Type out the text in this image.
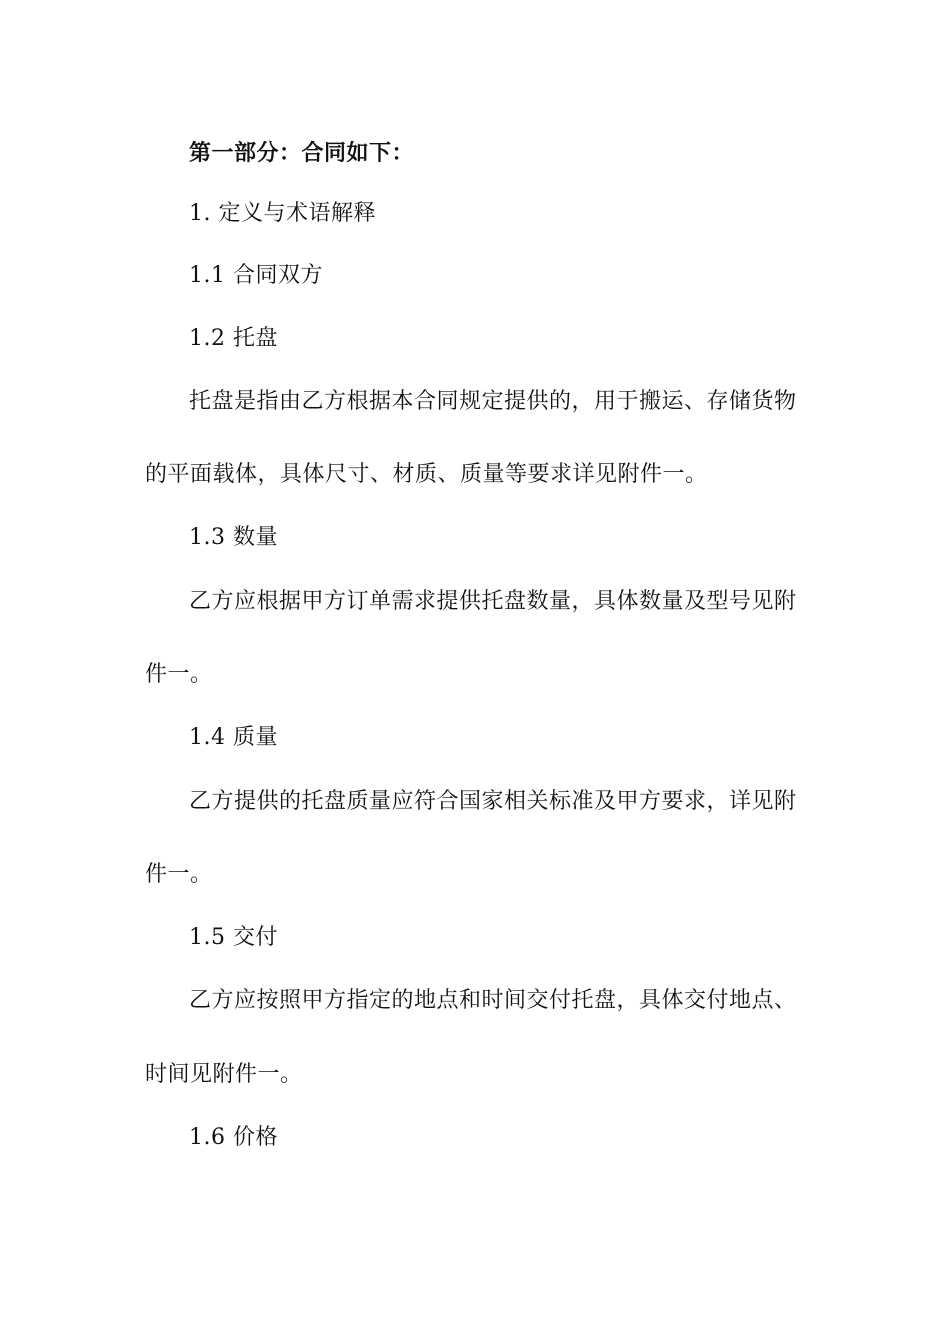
第一部分：合同如下：
1. 定义与术语解释
1.1 合同双方
1.2 托盘
托盘是指由乙方根据本合同规定提供的，用于搬运、存储货物
的平面载体，具体尺寸、材质、质量等要求详见附件一。
1.3 数量
乙方应根据甲方订单需求提供托盘数量，具体数量及型号见附
件一。
1.4 质量
乙方提供的托盘质量应符合国家相关标准及甲方要求，详见附
件一。
1.5 交付
乙方应按照甲方指定的地点和时间交付托盘，具体交付地点、
时间见附件一。
1.6 价格
